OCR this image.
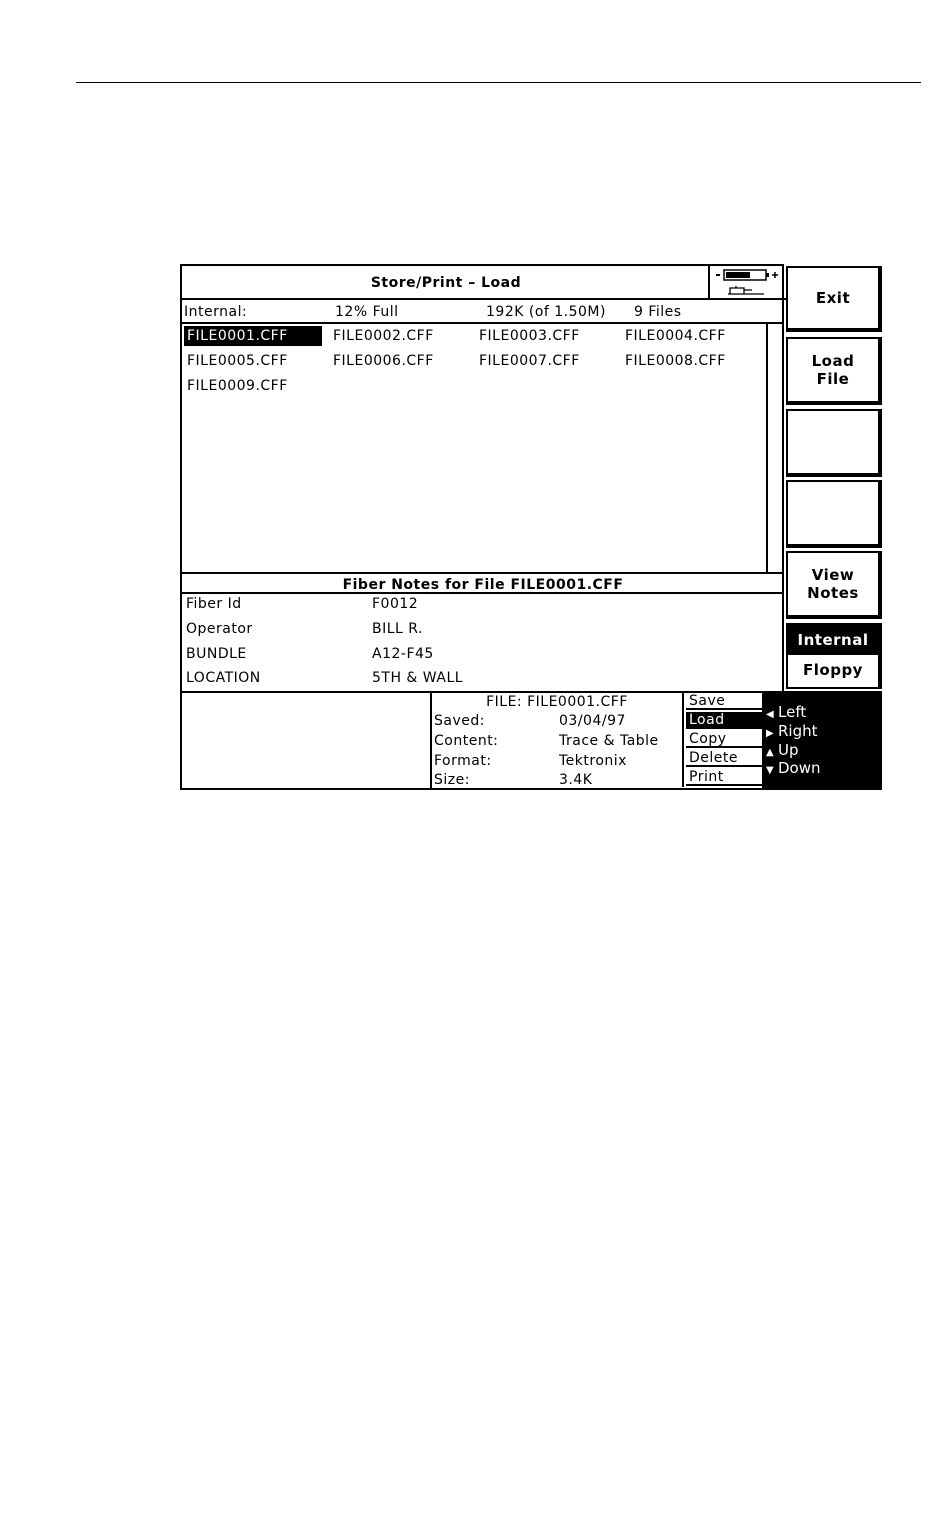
Store/Print – Load
Internal:	12% Full	192K (of 1.50M) 9 Files
FILE0001.CFF	FILE0002.CFF	FILE0003.CFF	FILE0004.CFF
FILE0005.CFF	FILE0006.CFF	FILE0007.CFF	FILE0008.CFF
FILE0009.CFF
Fiber Notes for File FILE0001.CFF
Fiber Id	F0012
Operator	BILL R.
BUNDLE	A12-F45
LOCATION	5TH & WALL
FILE: FILE0001.CFF
Saved:	03/04/97
Content:	Trace & Table
Format:	Tektronix
Size:	3.4K
Save
Load
Copy
Delete
Print
◀ Left
▶ Right
▲ Up
▼ Down
Exit
Load
File
View
Notes
Internal
Floppy
